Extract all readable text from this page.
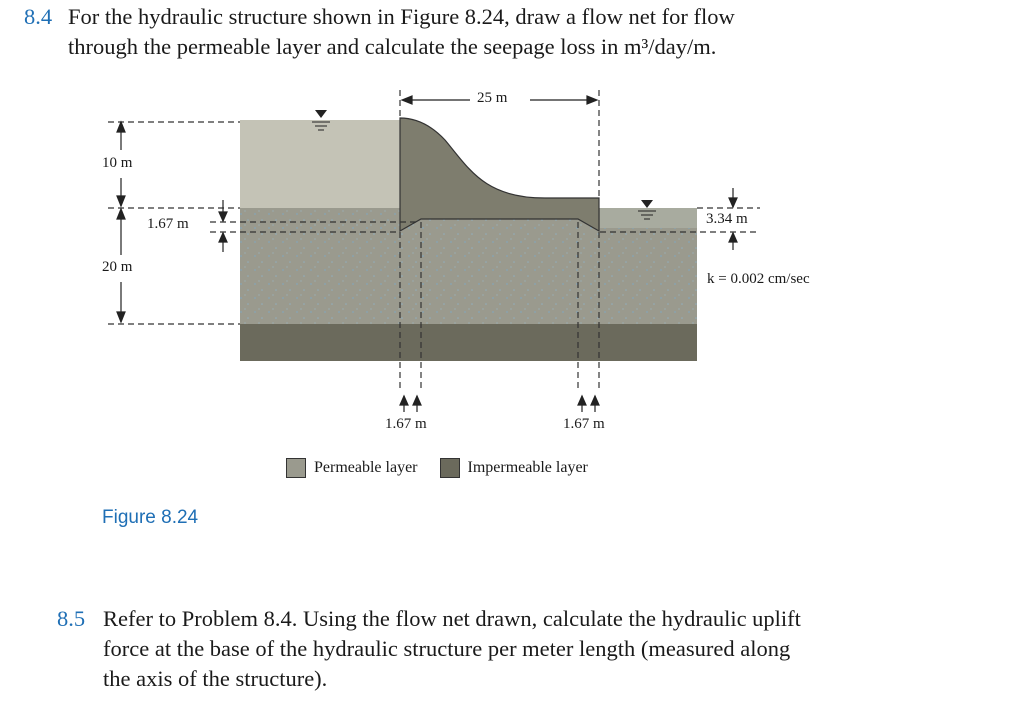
8.4 For the hydraulic structure shown in Figure 8.24, draw a flow net for flow
through the permeable layer and calculate the seepage loss in m³/day/m.
25 m
10 m
20 m
1.67 m	3.34 m
k = 0.002 cm/sec
1.67 m	1.67 m
Permeable layer	Impermeable layer
Figure 8.24
8.5 Refer to Problem 8.4. Using the flow net drawn, calculate the hydraulic uplift
force at the base of the hydraulic structure per meter length (measured along
the axis of the structure).
